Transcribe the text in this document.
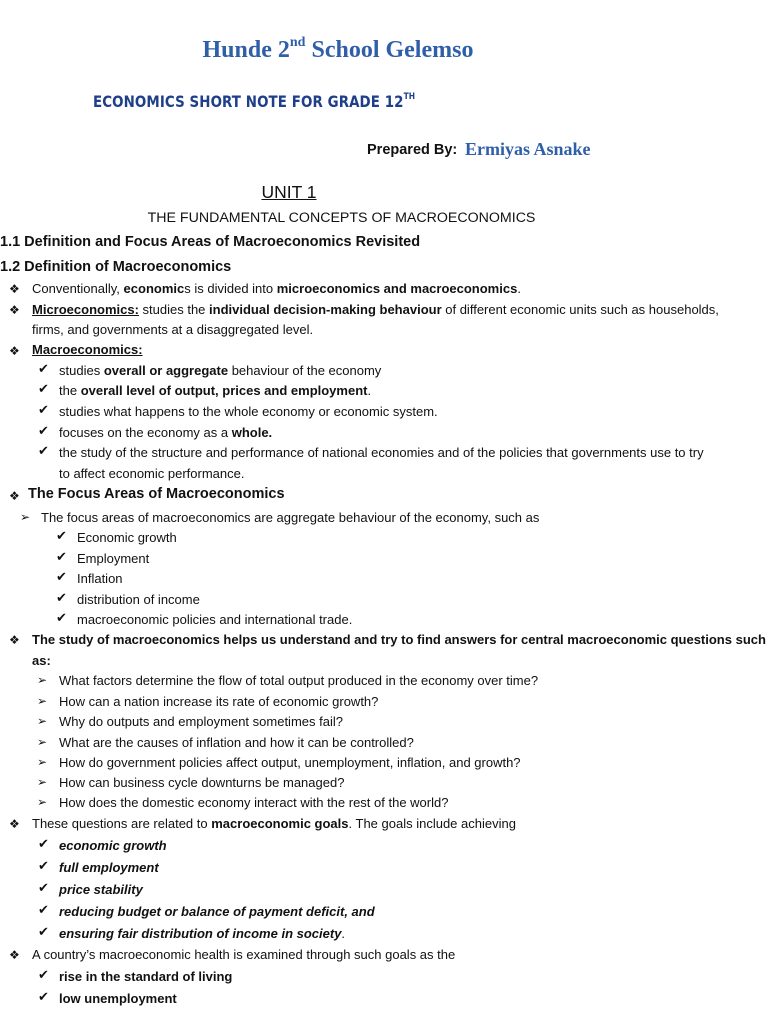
Hunde 2nd School Gelemso
ECONOMICS SHORT NOTE FOR GRADE 12TH
Prepared By: Ermiyas Asnake
UNIT 1
THE FUNDAMENTAL CONCEPTS OF MACROECONOMICS
1.1 Definition and Focus Areas of Macroeconomics Revisited
1.2 Definition of Macroeconomics
❖ Conventionally, economics is divided into microeconomics and macroeconomics.
❖ Microeconomics: studies the individual decision-making behaviour of different economic units such as households,
firms, and governments at a disaggregated level.
❖ Macroeconomics:
✔ studies overall or aggregate behaviour of the economy
✔ the overall level of output, prices and employment.
✔ studies what happens to the whole economy or economic system.
✔ focuses on the economy as a whole.
✔ the study of the structure and performance of national economies and of the policies that governments use to try
to affect economic performance.
❖ The Focus Areas of Macroeconomics
➢ The focus areas of macroeconomics are aggregate behaviour of the economy, such as
✔ Economic growth
✔ Employment
✔ Inflation
✔ distribution of income
✔ macroeconomic policies and international trade.
❖ The study of macroeconomics helps us understand and try to find answers for central macroeconomic questions such
as:
➢ What factors determine the flow of total output produced in the economy over time?
➢ How can a nation increase its rate of economic growth?
➢ Why do outputs and employment sometimes fail?
➢ What are the causes of inflation and how it can be controlled?
➢ How do government policies affect output, unemployment, inflation, and growth?
➢ How can business cycle downturns be managed?
➢ How does the domestic economy interact with the rest of the world?
❖ These questions are related to macroeconomic goals. The goals include achieving
✔ economic growth
✔ full employment
✔ price stability
✔ reducing budget or balance of payment deficit, and
✔ ensuring fair distribution of income in society.
❖ A country’s macroeconomic health is examined through such goals as the
✔ rise in the standard of living
✔ low unemployment
